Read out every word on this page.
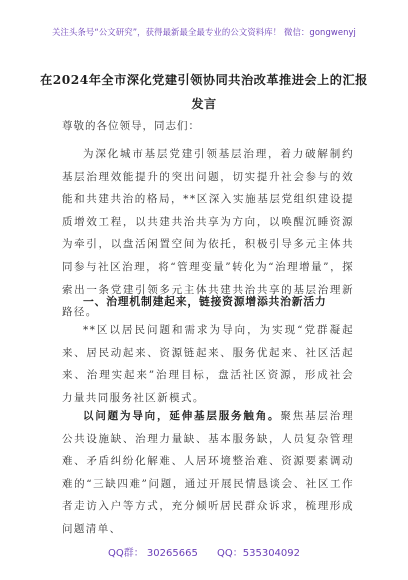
关注头条号“公文研究”，获得最新最全最专业的公文资料库！ 微信：gongwenyj
在2024年全市深化党建引领协同共治改革推进会上的汇报发言
尊敬的各位领导，同志们：
为深化城市基层党建引领基层治理，着力破解制约基层治理效能提升的突出问题，切实提升社会参与的效能和共建共治的格局，**区深入实施基层党组织建设提质增效工程，以共建共治共享为方向，以唤醒沉睡资源为牵引，以盘活闲置空间为依托，积极引导多元主体共同参与社区治理，将“管理变量”转化为“治理增量”，探索出一条党建引领多元主体共建共治共享的基层治理新路径。
一、治理机制建起来，链接资源增添共治新活力
**区以居民问题和需求为导向，为实现“党群凝起来、居民动起来、资源链起来、服务优起来、社区活起来、治理实起来”治理目标，盘活社区资源，形成社会力量共同服务社区新模式。
以问题为导向，延伸基层服务触角。聚焦基层治理公共设施缺、治理力量缺、基本服务缺，人员复杂管理难、矛盾纠纷化解难、人居环境整治难、资源要素调动难的“三缺四难”问题，通过开展民情恳谈会、社区工作者走访入户等方式，充分倾听居民群众诉求，梳理形成问题清单、
QQ群： 30265665 QQ：535304092
